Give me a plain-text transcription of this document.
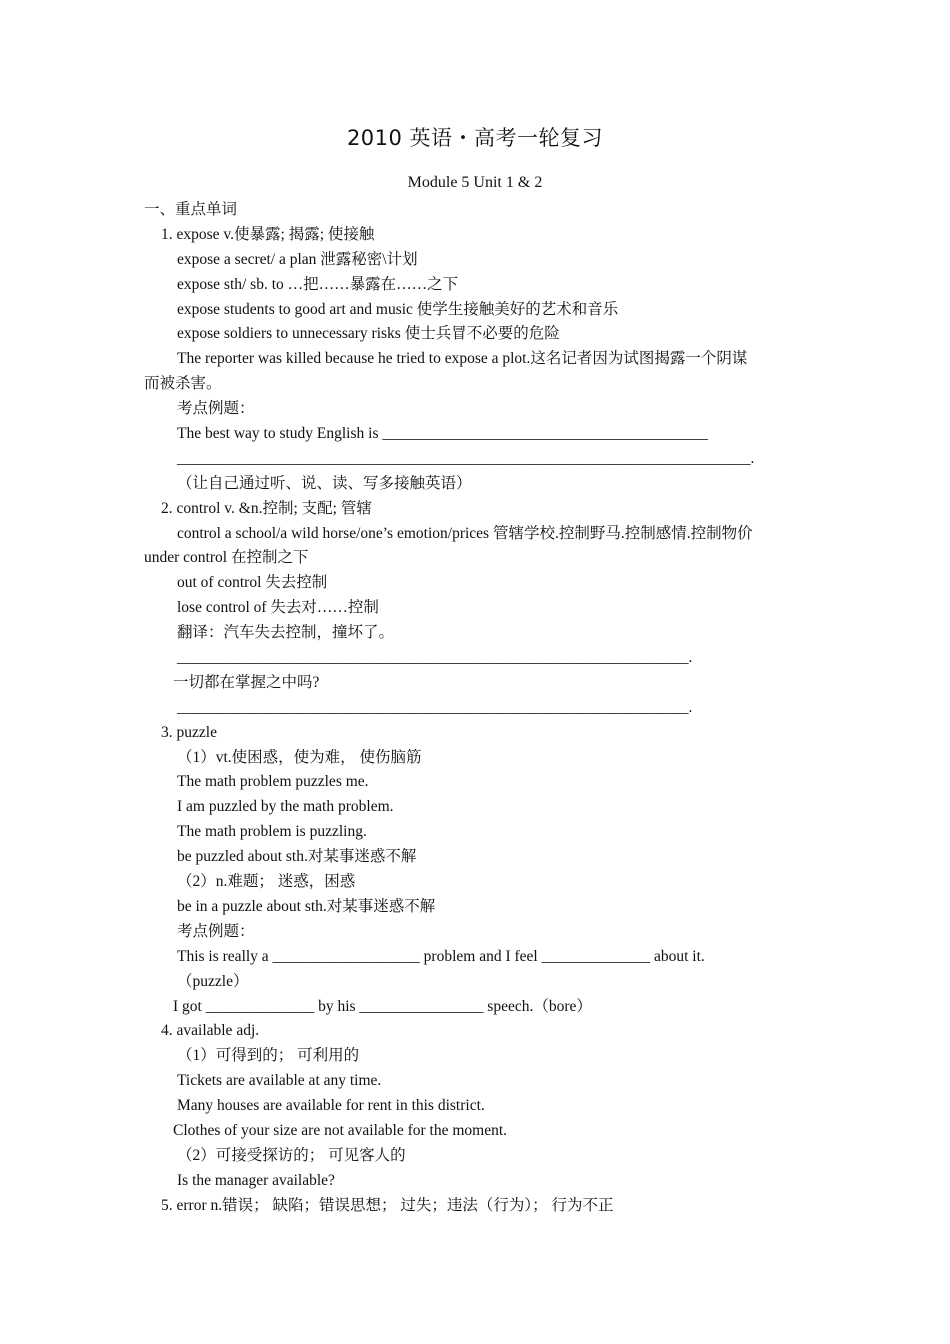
2010 英语・高考一轮复习
Module 5 Unit 1 & 2
一、重点单词
1. expose v.使暴露; 揭露; 使接触
expose a secret/ a plan 泄露秘密\计划
expose sth/ sb. to …把……暴露在……之下
expose students to good art and music 使学生接触美好的艺术和音乐
expose soldiers to unnecessary risks 使士兵冒不必要的危险
The reporter was killed because he tried to expose a plot.这名记者因为试图揭露一个阴谋
而被杀害。
考点例题：
The best way to study English is __________________________________________
__________________________________________________________________________.
（让自己通过听、说、读、写多接触英语）
2. control v. &n.控制; 支配; 管辖
control a school/a wild horse/one’s emotion/prices 管辖学校.控制野马.控制感情.控制物价
under control 在控制之下
out of control 失去控制
lose control of 失去对……控制
翻译：汽车失去控制，撞坏了。
__________________________________________________________________.
一切都在掌握之中吗?
__________________________________________________________________.
3. puzzle
（1）vt.使困惑，使为难， 使伤脑筋
The math problem puzzles me.
I am puzzled by the math problem.
The math problem is puzzling.
be puzzled about sth.对某事迷惑不解
（2）n.难题； 迷惑，困惑
be in a puzzle about sth.对某事迷惑不解
考点例题：
This is really a ___________________ problem and I feel ______________ about it.
（puzzle）
I got ______________ by his ________________ speech.（bore）
4. available adj.
（1）可得到的； 可利用的
Tickets are available at any time.
Many houses are available for rent in this district.
Clothes of your size are not available for the moment.
（2）可接受探访的； 可见客人的
Is the manager available?
5. error n.错误； 缺陷；错误思想； 过失；违法（行为）； 行为不正
